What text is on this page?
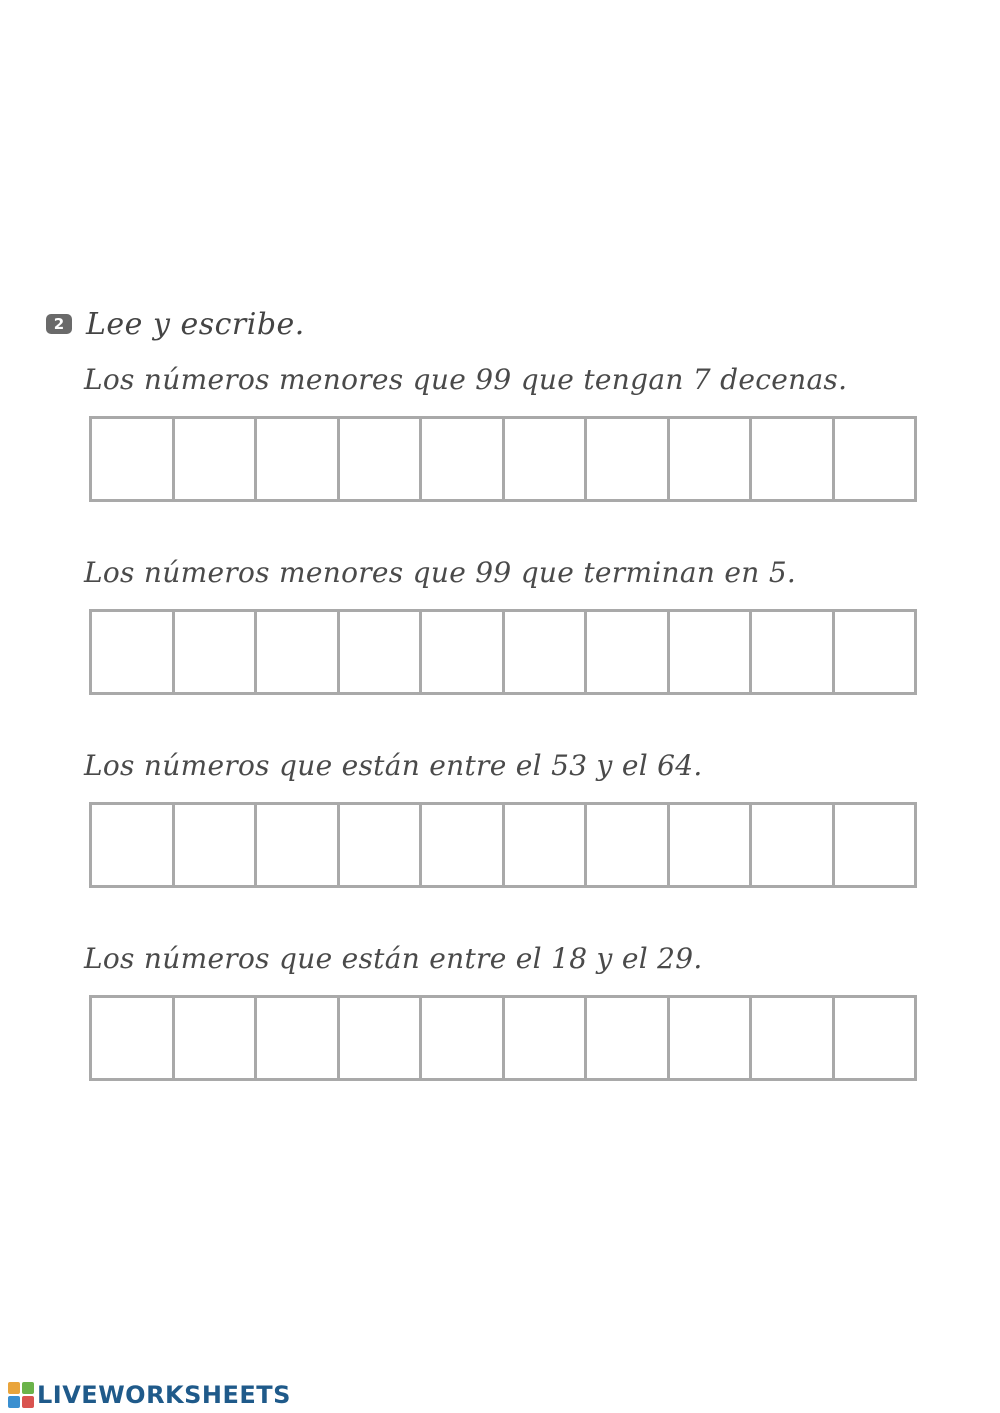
2 Lee y escribe.
Los números menores que 99 que tengan 7 decenas.
Los números menores que 99 que terminan en 5.
Los números que están entre el 53 y el 64.
Los números que están entre el 18 y el 29.
LIVEWORKSHEETS
